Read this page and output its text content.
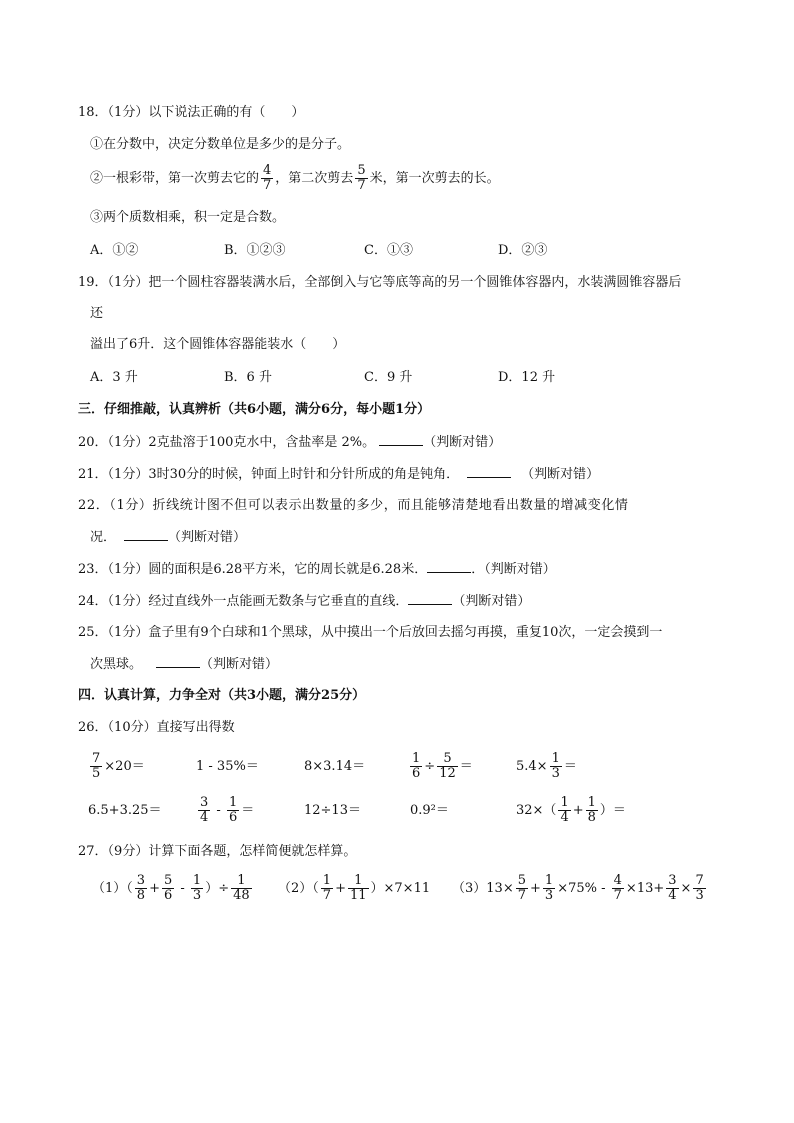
18．（1分）以下说法正确的有（　　）
①在分数中，决定分数单位是多少的是分子。
②一根彩带，第一次剪去它的 $\frac{4}{7}$ ，第二次剪去 $\frac{5}{7}$ 米，第一次剪去的长。
③两个质数相乘，积一定是合数。
A．①②	B．①②③	C．①③	D．②③
19．（1分）把一个圆柱容器装满水后，全部倒入与它等底等高的另一个圆锥体容器内，水装满圆锥容器后
还
溢出了6升．这个圆锥体容器能装水（　　）
A．3 升	B．6 升	C．9 升	D．12 升
三．仔细推敲，认真辨析（共6小题，满分6分，每小题1分）
20．（1分）2克盐溶于100克水中，含盐率是 2%。	（判断对错）
21．（1分）3时30分的时候，钟面上时针和分针所成的角是钝角．	（判断对错）
22．（1分）折线统计图不但可以表示出数量的多少，而且能够清楚地看出数量的增减变化情
况．	（判断对错）
23．（1分）圆的面积是6.28平方米，它的周长就是6.28米．	．（判断对错）
24．（1分）经过直线外一点能画无数条与它垂直的直线．	（判断对错）
25．（1分）盒子里有9个白球和1个黑球，从中摸出一个后放回去摇匀再摸，重复10次，一定会摸到一
次黑球。	（判断对错）
四．认真计算，力争全对（共3小题，满分25分）
26．（10分）直接写出得数
$\frac{7}{5} \times 20=$	1 - 35%＝	8×3.14＝	$\frac{1}{6} \div \frac{5}{12}$ ＝	$5.4\times \frac{1}{3}$ ＝
6.5+3.25＝	$\frac{3}{4} - \frac{1}{6}$ ＝	12÷13＝	0.9²＝	$32\times( \frac{1}{4} + \frac{1}{8}$ ）＝
27．（9分）计算下面各题，怎样简便就怎样算。
$(1)( \frac{3}{8} + \frac{5}{6} - \frac{1}{3}$ ）÷ $\frac{1}{48} (2)( \frac{1}{7} + \frac{1}{11} )\times 7\times 11$ $(3)13\times \frac{5}{7} + \frac{1}{3} \times 75\% - \frac{4}{7} \times 13+ \frac{3}{4} \times \frac{7}{3}$
